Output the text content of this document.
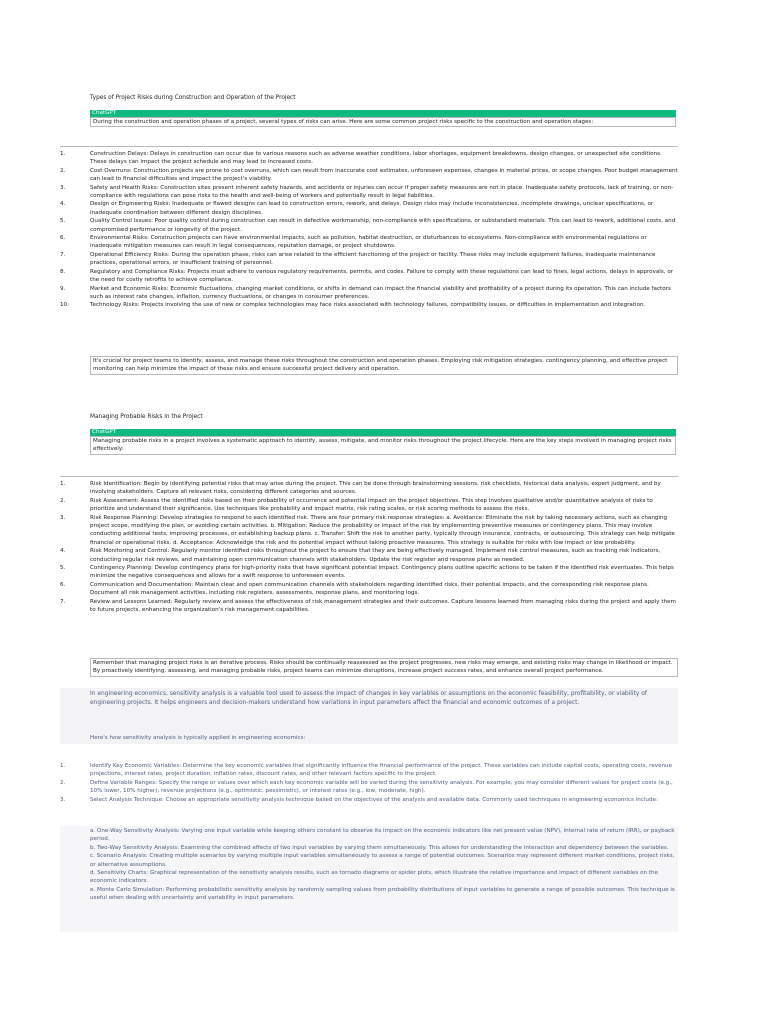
Types of Project Risks during Construction and Operation of the Project
ChatGPT
During the construction and operation phases of a project, several types of risks can arise. Here are some common project risks specific to the construction and operation stages:
1.	Construction Delays: Delays in construction can occur due to various reasons such as adverse weather conditions, labor shortages, equipment breakdowns, design changes, or unexpected site conditions. These delays can impact the project schedule and may lead to increased costs.
2.	Cost Overruns: Construction projects are prone to cost overruns, which can result from inaccurate cost estimates, unforeseen expenses, changes in material prices, or scope changes. Poor budget management can lead to financial difficulties and impact the project's viability.
3.	Safety and Health Risks: Construction sites present inherent safety hazards, and accidents or injuries can occur if proper safety measures are not in place. Inadequate safety protocols, lack of training, or non-compliance with regulations can pose risks to the health and well-being of workers and potentially result in legal liabilities.
4.	Design or Engineering Risks: Inadequate or flawed designs can lead to construction errors, rework, and delays. Design risks may include inconsistencies, incomplete drawings, unclear specifications, or inadequate coordination between different design disciplines.
5.	Quality Control Issues: Poor quality control during construction can result in defective workmanship, non-compliance with specifications, or substandard materials. This can lead to rework, additional costs, and compromised performance or longevity of the project.
6.	Environmental Risks: Construction projects can have environmental impacts, such as pollution, habitat destruction, or disturbances to ecosystems. Non-compliance with environmental regulations or inadequate mitigation measures can result in legal consequences, reputation damage, or project shutdowns.
7.	Operational Efficiency Risks: During the operation phase, risks can arise related to the efficient functioning of the project or facility. These risks may include equipment failures, inadequate maintenance practices, operational errors, or insufficient training of personnel.
8.	Regulatory and Compliance Risks: Projects must adhere to various regulatory requirements, permits, and codes. Failure to comply with these regulations can lead to fines, legal actions, delays in approvals, or the need for costly retrofits to achieve compliance.
9.	Market and Economic Risks: Economic fluctuations, changing market conditions, or shifts in demand can impact the financial viability and profitability of a project during its operation. This can include factors such as interest rate changes, inflation, currency fluctuations, or changes in consumer preferences.
10.	Technology Risks: Projects involving the use of new or complex technologies may face risks associated with technology failures, compatibility issues, or difficulties in implementation and integration.
It's crucial for project teams to identify, assess, and manage these risks throughout the construction and operation phases. Employing risk mitigation strategies, contingency planning, and effective project monitoring can help minimize the impact of these risks and ensure successful project delivery and operation.
Managing Probable Risks in the Project
ChatGPT
Managing probable risks in a project involves a systematic approach to identify, assess, mitigate, and monitor risks throughout the project lifecycle. Here are the key steps involved in managing project risks effectively:
1.	Risk Identification: Begin by identifying potential risks that may arise during the project. This can be done through brainstorming sessions, risk checklists, historical data analysis, expert judgment, and by involving stakeholders. Capture all relevant risks, considering different categories and sources.
2.	Risk Assessment: Assess the identified risks based on their probability of occurrence and potential impact on the project objectives. This step involves qualitative and/or quantitative analysis of risks to prioritize and understand their significance. Use techniques like probability and impact matrix, risk rating scales, or risk scoring methods to assess the risks.
3.	Risk Response Planning: Develop strategies to respond to each identified risk. There are four primary risk response strategies: a. Avoidance: Eliminate the risk by taking necessary actions, such as changing project scope, modifying the plan, or avoiding certain activities. b. Mitigation: Reduce the probability or impact of the risk by implementing preventive measures or contingency plans. This may involve conducting additional tests, improving processes, or establishing backup plans. c. Transfer: Shift the risk to another party, typically through insurance, contracts, or outsourcing. This strategy can help mitigate financial or operational risks. d. Acceptance: Acknowledge the risk and its potential impact without taking proactive measures. This strategy is suitable for risks with low impact or low probability.
4.	Risk Monitoring and Control: Regularly monitor identified risks throughout the project to ensure that they are being effectively managed. Implement risk control measures, such as tracking risk indicators, conducting regular risk reviews, and maintaining open communication channels with stakeholders. Update the risk register and response plans as needed.
5.	Contingency Planning: Develop contingency plans for high-priority risks that have significant potential impact. Contingency plans outline specific actions to be taken if the identified risk eventuates. This helps minimize the negative consequences and allows for a swift response to unforeseen events.
6.	Communication and Documentation: Maintain clear and open communication channels with stakeholders regarding identified risks, their potential impacts, and the corresponding risk response plans. Document all risk management activities, including risk registers, assessments, response plans, and monitoring logs.
7.	Review and Lessons Learned: Regularly review and assess the effectiveness of risk management strategies and their outcomes. Capture lessons learned from managing risks during the project and apply them to future projects, enhancing the organization's risk management capabilities.
Remember that managing project risks is an iterative process. Risks should be continually reassessed as the project progresses, new risks may emerge, and existing risks may change in likelihood or impact. By proactively identifying, assessing, and managing probable risks, project teams can minimize disruptions, increase project success rates, and enhance overall project performance.
In engineering economics, sensitivity analysis is a valuable tool used to assess the impact of changes in key variables or assumptions on the economic feasibility, profitability, or viability of engineering projects. It helps engineers and decision-makers understand how variations in input parameters affect the financial and economic outcomes of a project.
Here's how sensitivity analysis is typically applied in engineering economics:
1.	Identify Key Economic Variables: Determine the key economic variables that significantly influence the financial performance of the project. These variables can include capital costs, operating costs, revenue projections, interest rates, project duration, inflation rates, discount rates, and other relevant factors specific to the project.
2.	Define Variable Ranges: Specify the range or values over which each key economic variable will be varied during the sensitivity analysis. For example, you may consider different values for project costs (e.g., 10% lower, 10% higher), revenue projections (e.g., optimistic, pessimistic), or interest rates (e.g., low, moderate, high).
3.	Select Analysis Technique: Choose an appropriate sensitivity analysis technique based on the objectives of the analysis and available data. Commonly used techniques in engineering economics include:
a. One-Way Sensitivity Analysis: Varying one input variable while keeping others constant to observe its impact on the economic indicators like net present value (NPV), internal rate of return (IRR), or payback period.
b. Two-Way Sensitivity Analysis: Examining the combined effects of two input variables by varying them simultaneously. This allows for understanding the interaction and dependency between the variables.
c. Scenario Analysis: Creating multiple scenarios by varying multiple input variables simultaneously to assess a range of potential outcomes. Scenarios may represent different market conditions, project risks, or alternative assumptions.
d. Sensitivity Charts: Graphical representation of the sensitivity analysis results, such as tornado diagrams or spider plots, which illustrate the relative importance and impact of different variables on the economic indicators.
e. Monte Carlo Simulation: Performing probabilistic sensitivity analysis by randomly sampling values from probability distributions of input variables to generate a range of possible outcomes. This technique is useful when dealing with uncertainty and variability in input parameters.
